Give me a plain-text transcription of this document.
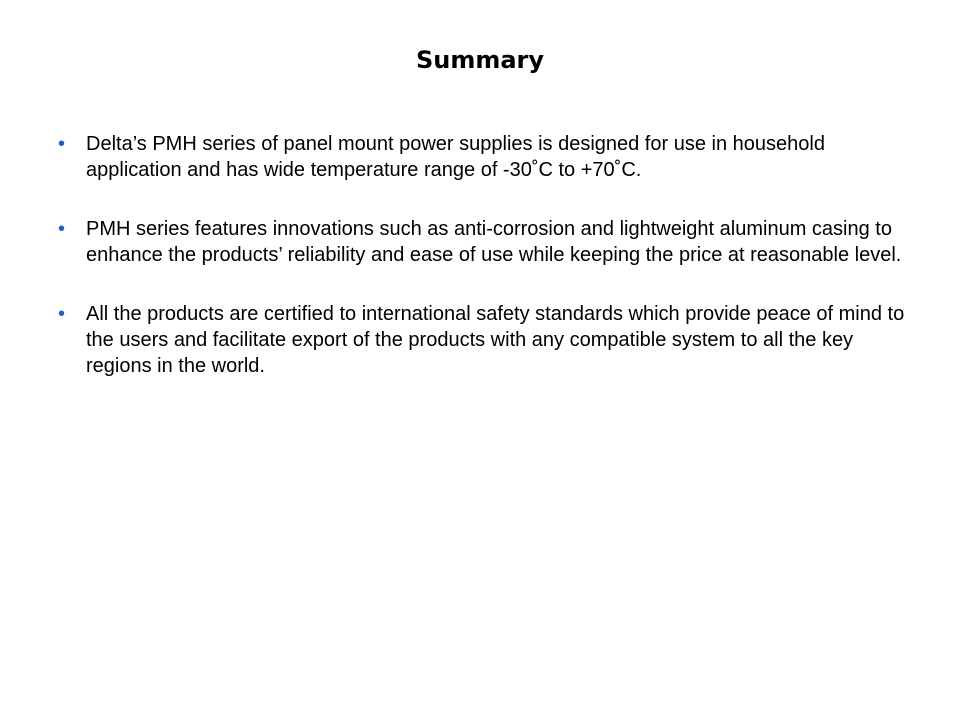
Summary
• Delta’s PMH series of panel mount power supplies is designed for use in household application and has wide temperature range of -30˚C to +70˚C.
• PMH series features innovations such as anti-corrosion and lightweight aluminum casing to enhance the products’ reliability and ease of use while keeping the price at reasonable level.
• All the products are certified to international safety standards which provide peace of mind to the users and facilitate export of the products with any compatible system to all the key regions in the world.
